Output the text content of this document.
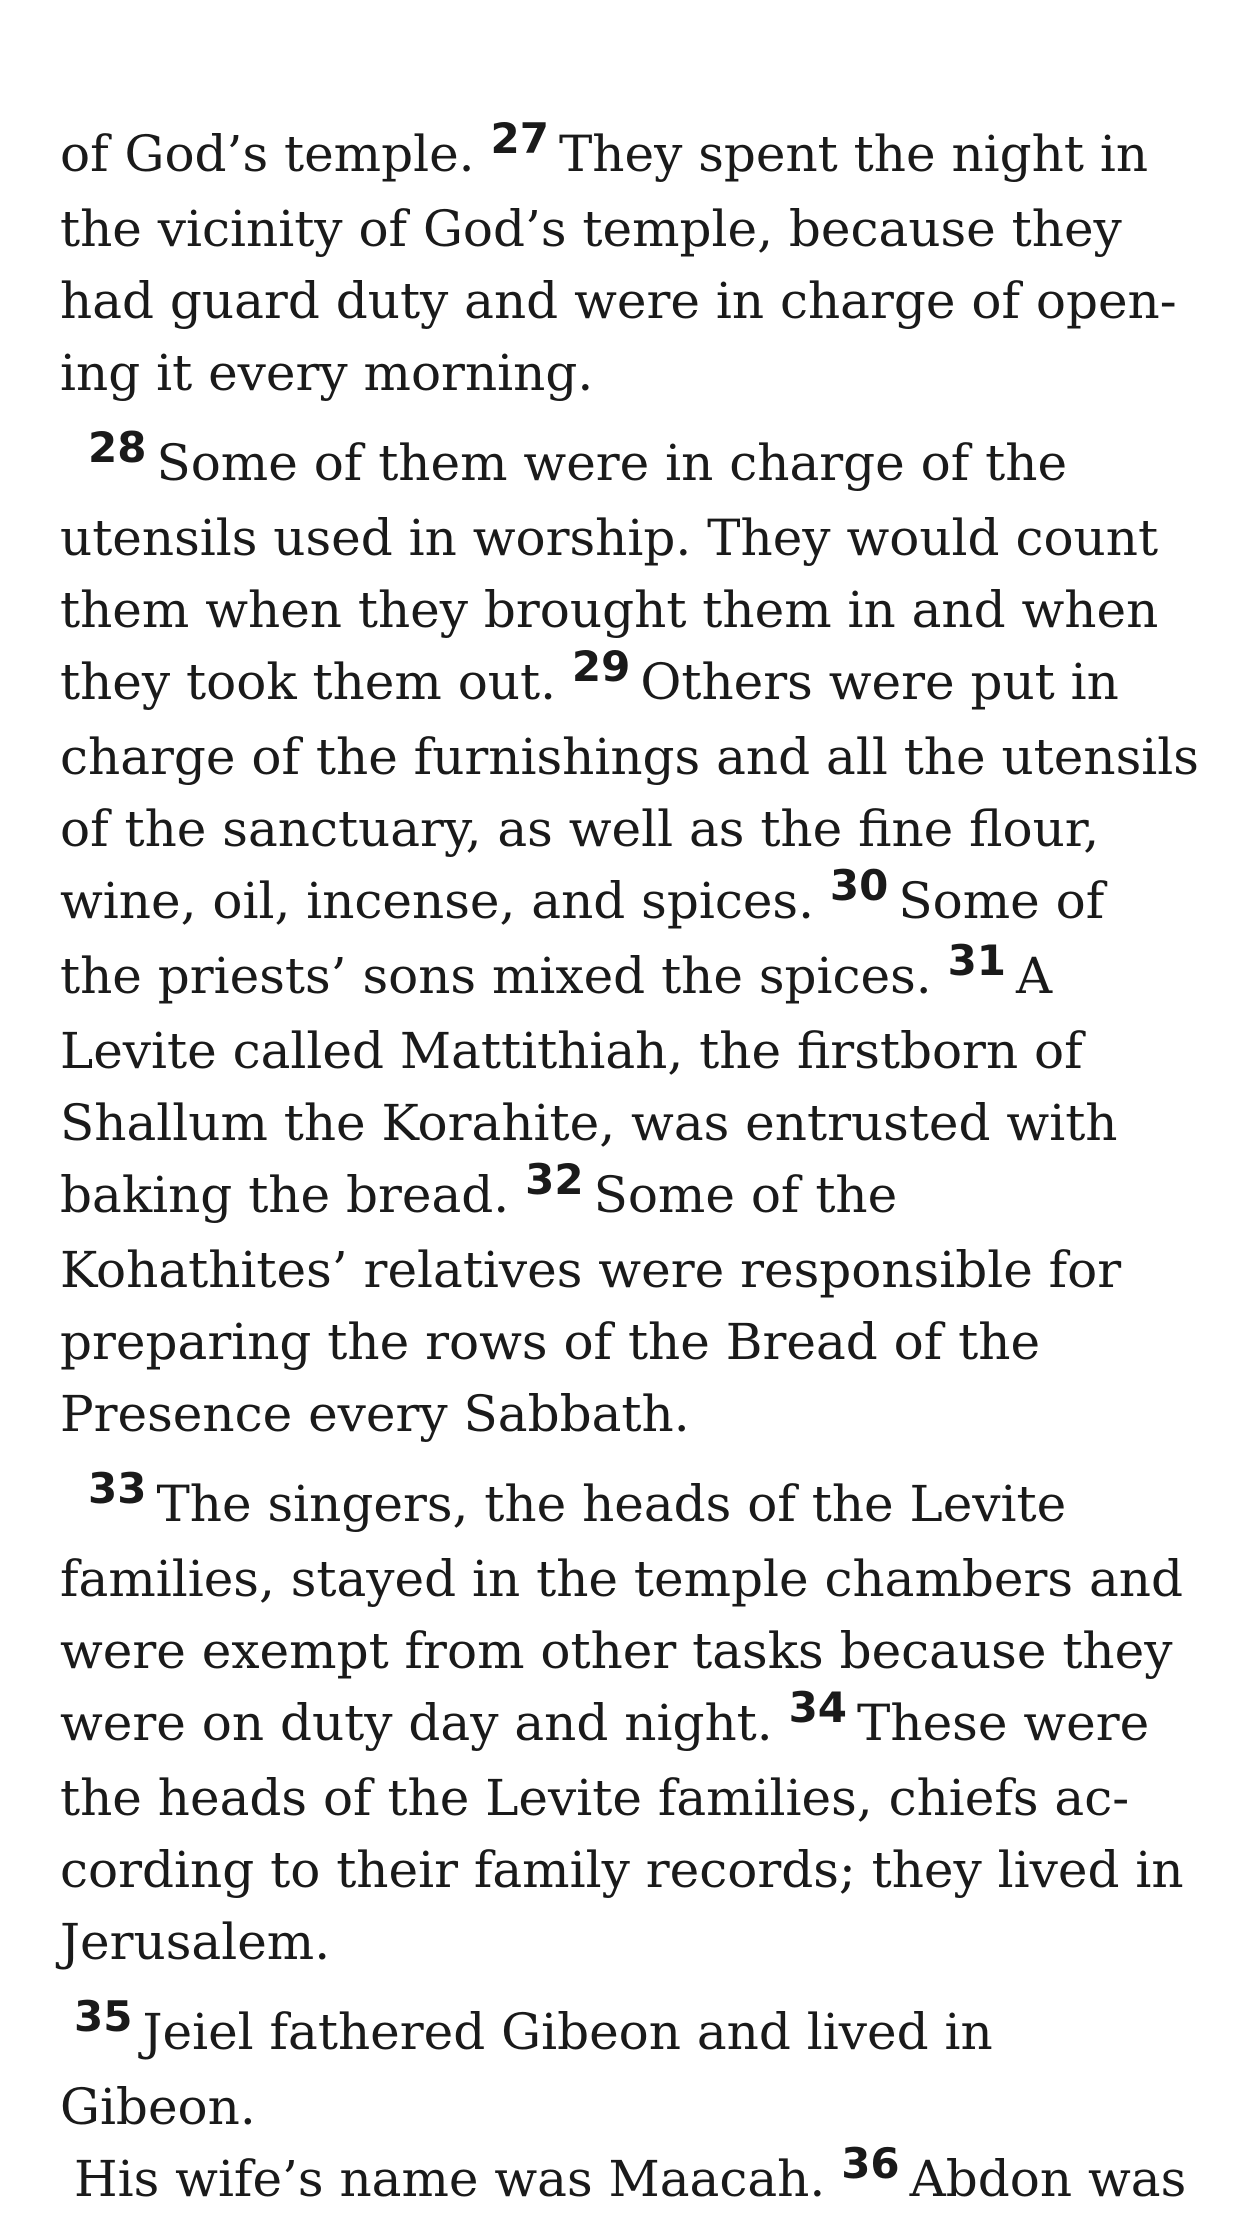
of God’s temple. $^{27}$ They spent the night in the vicinity of God’s temple, because they had guard duty and were in charge of open-ing it every morning.

$^{28}$ Some of them were in charge of the utensils used in worship. They would count them when they brought them in and when they took them out. $^{29}$ Others were put in charge of the furnishings and all the utensils of the sanctuary, as well as the fine flour, wine, oil, incense, and spices. $^{30}$ Some of the priests’ sons mixed the spices. $^{31}$ A Levite called Mattithiah, the firstborn of Shallum the Korahite, was entrusted with baking the bread. $^{32}$ Some of the Kohathites’ relatives were responsible for preparing the rows of the Bread of the Presence every Sabbath.

$^{33}$ The singers, the heads of the Levite families, stayed in the temple chambers and were exempt from other tasks because they were on duty day and night. $^{34}$ These were the heads of the Levite families, chiefs ac-cording to their family records; they lived in Jerusalem.

$^{35}$ Jeiel fathered Gibeon and lived in Gibeon.
His wife’s name was Maacah. $^{36}$ Abdon was
